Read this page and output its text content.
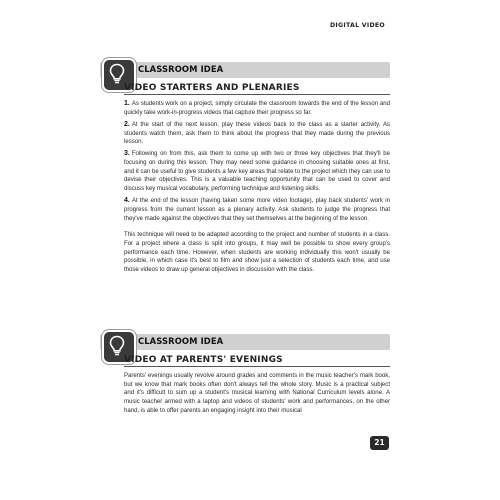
DIGITAL VIDEO
CLASSROOM IDEA
VIDEO STARTERS AND PLENARIES

1. As students work on a project, simply circulate the classroom towards the end of the lesson and quickly take work-in-progress videos that capture their progress so far.

2. At the start of the next lesson, play these videos back to the class as a starter activity. As students watch them, ask them to think about the progress that they made during the previous lesson.

3. Following on from this, ask them to come up with two or three key objectives that they'll be focusing on during this lesson. They may need some guidance in choosing suitable ones at first, and it can be useful to give students a few key areas that relate to the project which they can use to devise their objectives. This is a valuable teaching opportunity that can be used to cover and discuss key musical vocabulary, performing technique and listening skills.

4. At the end of the lesson (having taken some more video footage), play back students' work in progress from the current lesson as a plenary activity. Ask students to judge the progress that they've made against the objectives that they set themselves at the beginning of the lesson.

This technique will need to be adapted according to the project and number of students in a class. For a project where a class is split into groups, it may well be possible to show every group's performance each time. However, when students are working individually this won't usually be possible, in which case it's best to film and show just a selection of students each time, and use those videos to draw up general objectives in discussion with the class.

CLASSROOM IDEA
VIDEO AT PARENTS' EVENINGS

Parents' evenings usually revolve around grades and comments in the music teacher's mark book, but we know that mark books often don't always tell the whole story. Music is a practical subject and it's difficult to sum up a student's musical learning with National Curriculum levels alone. A music teacher armed with a laptop and videos of students' work and performances, on the other hand, is able to offer parents an engaging insight into their musical

21
